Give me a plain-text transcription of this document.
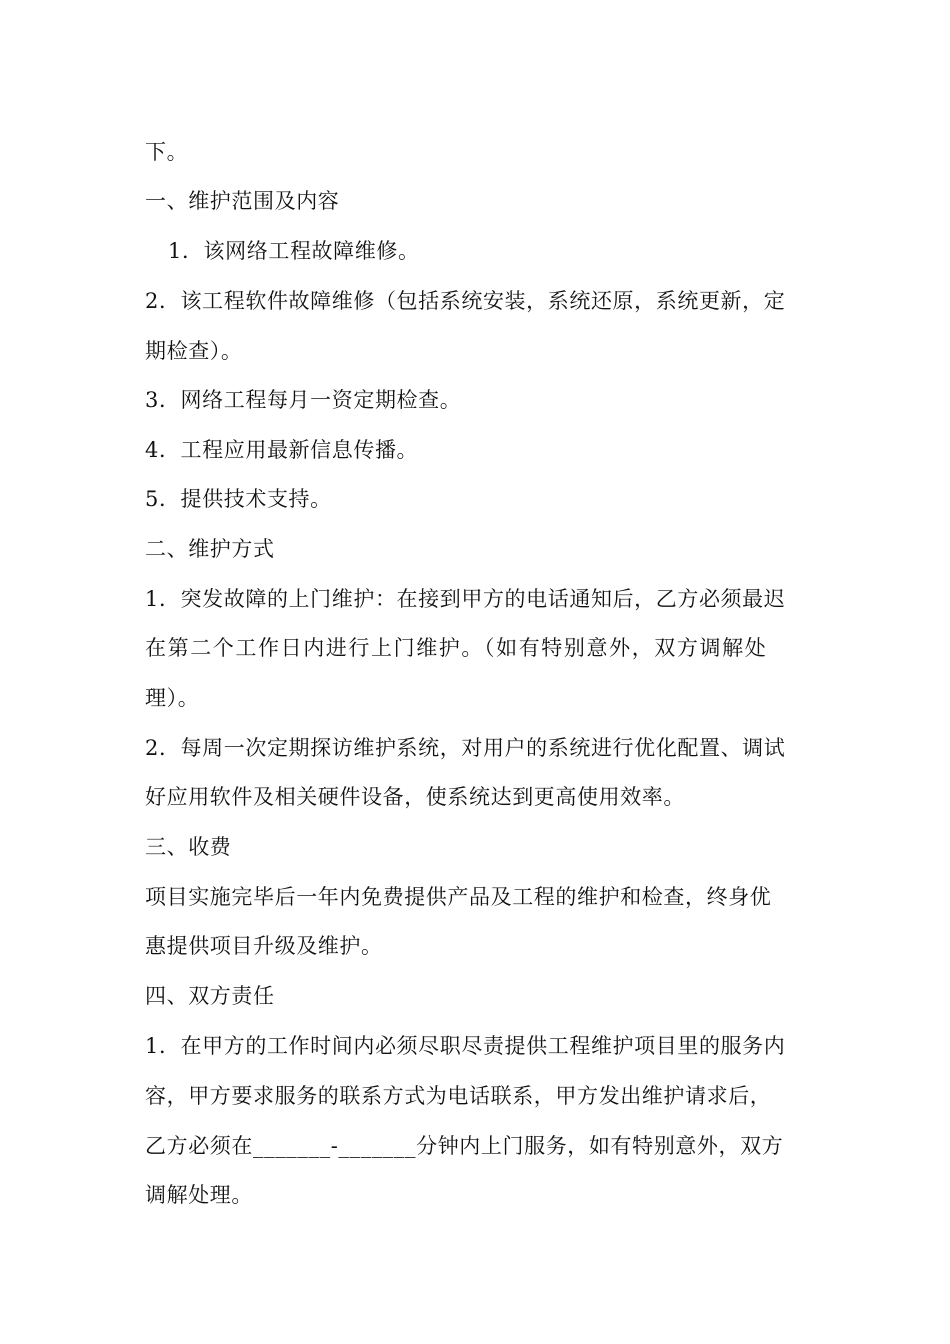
下。
一、维护范围及内容
1．该网络工程故障维修。
2．该工程软件故障维修（包括系统安装，系统还原，系统更新，定
期检查）。
3．网络工程每月一资定期检查。
4．工程应用最新信息传播。
5．提供技术支持。
二、维护方式
1．突发故障的上门维护：在接到甲方的电话通知后，乙方必须最迟
在第二个工作日内进行上门维护。（如有特别意外，双方调解处
理）。
2．每周一次定期探访维护系统，对用户的系统进行优化配置、调试
好应用软件及相关硬件设备，使系统达到更高使用效率。
三、收费
项目实施完毕后一年内免费提供产品及工程的维护和检查，终身优
惠提供项目升级及维护。
四、双方责任
1．在甲方的工作时间内必须尽职尽责提供工程维护项目里的服务内
容，甲方要求服务的联系方式为电话联系，甲方发出维护请求后，
乙方必须在_______-_______分钟内上门服务，如有特别意外，双方
调解处理。
